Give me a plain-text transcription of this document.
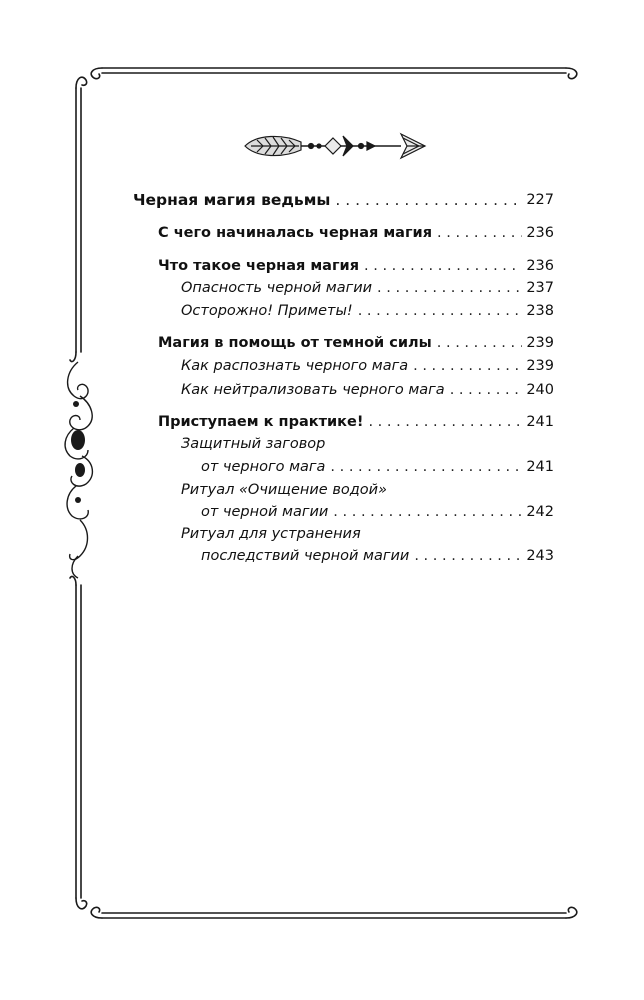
Черная магия ведьмы . . .	227
С чего начиналась черная магия . . .	236
Что такое черная магия . . .	236
Опасность черной магии . . .	237
Осторожно! Приметы! . . .	238
Магия в помощь от темной силы . . .	239
Как распознать черного мага . . .	239
Как нейтрализовать черного мага . . .	240
Приступаем к практике! . . .	241
Защитный заговор
от черного мага . . .	241
Ритуал «Очищение водой»
от черной магии . . .	242
Ритуал для устранения
последствий черной магии . . .	243
